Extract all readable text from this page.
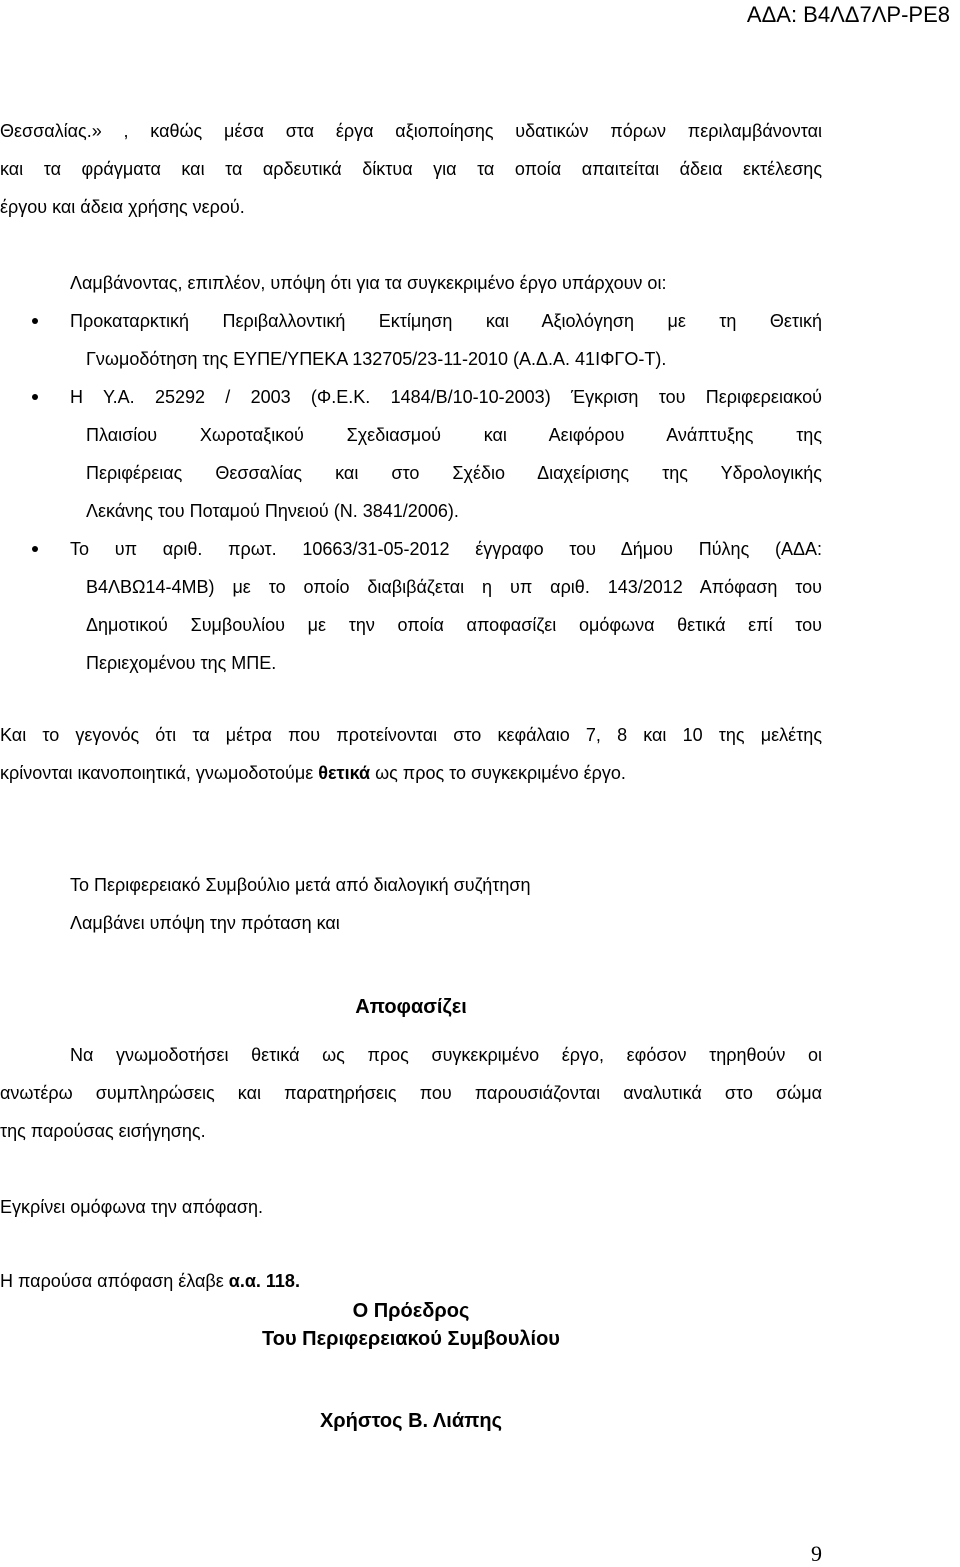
ΑΔΑ: Β4ΛΔ7ΛΡ-ΡΕ8
Θεσσαλίας.» , καθώς μέσα στα έργα αξιοποίησης υδατικών πόρων περιλαμβάνονται
και τα φράγματα και τα αρδευτικά δίκτυα για τα οποία απαιτείται άδεια εκτέλεσης
έργου και άδεια χρήσης νερού.
Λαμβάνοντας, επιπλέον, υπόψη ότι για τα συγκεκριμένο έργο υπάρχουν οι:
Προκαταρκτική Περιβαλλοντική Εκτίμηση και Αξιολόγηση με τη Θετική
Γνωμοδότηση της ΕΥΠΕ/ΥΠΕΚΑ 132705/23-11-2010 (Α.Δ.Α. 41ΙΦΓΟ-Τ).
Η Υ.Α. 25292 / 2003 (Φ.Ε.Κ. 1484/Β/10-10-2003) Έγκριση του Περιφερειακού
Πλαισίου Χωροταξικού Σχεδιασμού και Αειφόρου Ανάπτυξης της
Περιφέρειας Θεσσαλίας και στο Σχέδιο Διαχείρισης της Υδρολογικής
Λεκάνης του Ποταμού Πηνειού (Ν. 3841/2006).
Το υπ αριθ. πρωτ. 10663/31-05-2012 έγγραφο του Δήμου Πύλης (ΑΔΑ:
Β4ΛΒΩ14-4ΜΒ) με το οποίο διαβιβάζεται η υπ αριθ. 143/2012 Απόφαση του
Δημοτικού Συμβουλίου με την οποία αποφασίζει ομόφωνα θετικά επί του
Περιεχομένου της ΜΠΕ.
Και το γεγονός ότι τα μέτρα που προτείνονται στο κεφάλαιο 7, 8 και 10 της μελέτης
κρίνονται ικανοποιητικά, γνωμοδοτούμε θετικά ως προς το συγκεκριμένο έργο.
Το Περιφερειακό Συμβούλιο μετά από διαλογική συζήτηση
Λαμβάνει υπόψη την πρόταση και
Αποφασίζει
Να γνωμοδοτήσει θετικά ως προς συγκεκριμένο έργο, εφόσον τηρηθούν οι
ανωτέρω συμπληρώσεις και παρατηρήσεις που παρουσιάζονται αναλυτικά στο σώμα
της παρούσας εισήγησης.
Εγκρίνει ομόφωνα την απόφαση.
Η παρούσα απόφαση έλαβε α.α. 118.
Ο Πρόεδρος
Του Περιφερειακού Συμβουλίου
Χρήστος Β. Λιάπης
9
